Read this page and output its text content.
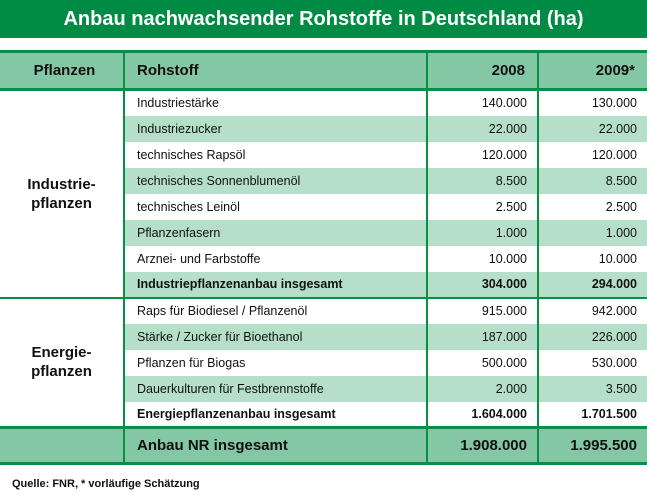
Anbau nachwachsender Rohstoffe in Deutschland (ha)
Pflanzen	Rohstoff	2008	2009*
Industrie-
pflanzen	Industriestärke	140.000	130.000
	Industriezucker	22.000	22.000
	technisches Rapsöl	120.000	120.000
	technisches Sonnenblumenöl	8.500	8.500
	technisches Leinöl	2.500	2.500
	Pflanzenfasern	1.000	1.000
	Arznei- und Farbstoffe	10.000	10.000
	Industriepflanzenanbau insgesamt	304.000	294.000
Energie-
pflanzen	Raps für Biodiesel / Pflanzenöl	915.000	942.000
	Stärke / Zucker für Bioethanol	187.000	226.000
	Pflanzen für Biogas	500.000	530.000
	Dauerkulturen für Festbrennstoffe	2.000	3.500
	Energiepflanzenanbau insgesamt	1.604.000	1.701.500
	Anbau NR insgesamt	1.908.000	1.995.500
Quelle: FNR, * vorläufige Schätzung
